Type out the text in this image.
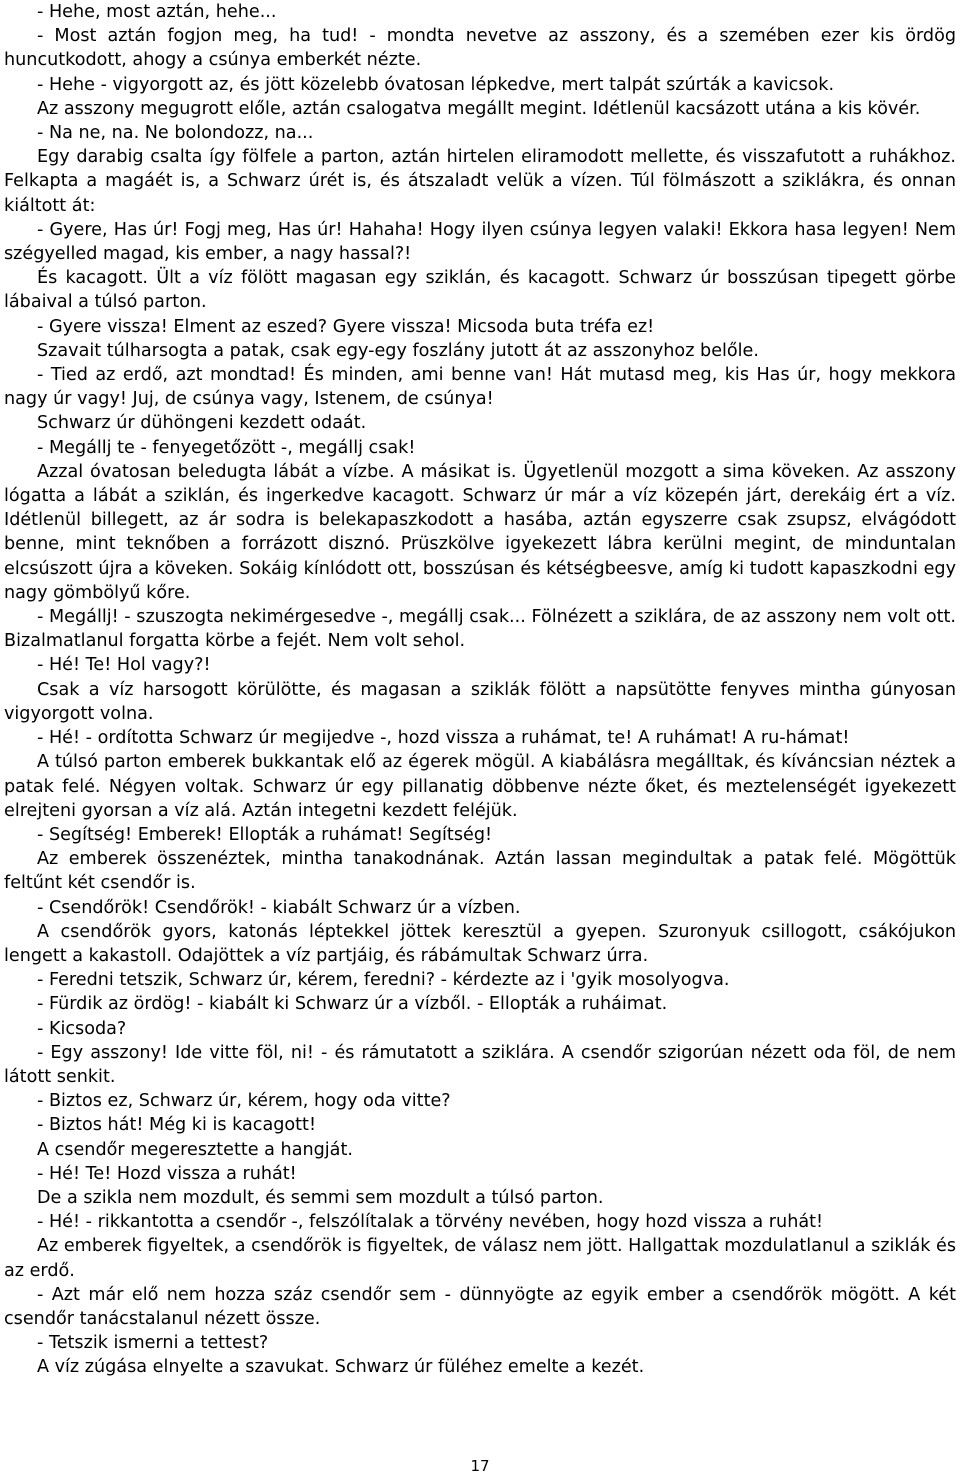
- Hehe, most aztán, hehe...

- Most aztán fogjon meg, ha tud! - mondta nevetve az asszony, és a szemében ezer kis ördög huncutkodott, ahogy a csúnya emberkét nézte.

- Hehe - vigyorgott az, és jött közelebb óvatosan lépkedve, mert talpát szúrták a kavicsok.

Az asszony megugrott előle, aztán csalogatva megállt megint. Idétlenül kacsázott utána a kis kövér.

- Na ne, na. Ne bolondozz, na...

Egy darabig csalta így fölfele a parton, aztán hirtelen eliramodott mellette, és visszafutott a ruhákhoz. Felkapta a magáét is, a Schwarz úrét is, és átszaladt velük a vízen. Túl fölmászott a sziklákra, és onnan kiáltott át:

- Gyere, Has úr! Fogj meg, Has úr! Hahaha! Hogy ilyen csúnya legyen valaki! Ekkora hasa legyen! Nem szégyelled magad, kis ember, a nagy hassal?!

És kacagott. Ült a víz fölött magasan egy sziklán, és kacagott. Schwarz úr bosszúsan tipegett görbe lábaival a túlsó parton.

- Gyere vissza! Elment az eszed? Gyere vissza! Micsoda buta tréfa ez!

Szavait túlharsogta a patak, csak egy-egy foszlány jutott át az asszonyhoz belőle.

- Tied az erdő, azt mondtad! És minden, ami benne van! Hát mutasd meg, kis Has úr, hogy mekkora nagy úr vagy! Juj, de csúnya vagy, Istenem, de csúnya!

Schwarz úr dühöngeni kezdett odaát.

- Megállj te - fenyegetőzött -, megállj csak!

Azzal óvatosan beledugta lábát a vízbe. A másikat is. Ügyetlenül mozgott a sima köveken. Az asszony lógatta a lábát a sziklán, és ingerkedve kacagott. Schwarz úr már a víz közepén járt, derekáig ért a víz. Idétlenül billegett, az ár sodra is belekapaszkodott a hasába, aztán egyszerre csak zsupsz, elvágódott benne, mint teknőben a forrázott disznó. Prüszkölve igyekezett lábra kerülni megint, de minduntalan elcsúszott újra a köveken. Sokáig kínlódott ott, bosszúsan és kétségbeesve, amíg ki tudott kapaszkodni egy nagy gömbölyű kőre.

- Megállj! - szuszogta nekimérgesedve -, megállj csak... Fölnézett a sziklára, de az asszony nem volt ott. Bizalmatlanul forgatta körbe a fejét. Nem volt sehol.

- Hé! Te! Hol vagy?!

Csak a víz harsogott körülötte, és magasan a sziklák fölött a napsütötte fenyves mintha gúnyosan vigyorgott volna.

- Hé! - ordította Schwarz úr megijedve -, hozd vissza a ruhámat, te! A ruhámat! A ru-hámat!

A túlsó parton emberek bukkantak elő az égerek mögül. A kiabálásra megálltak, és kíváncsian néztek a patak felé. Négyen voltak. Schwarz úr egy pillanatig döbbenve nézte őket, és meztelenségét igyekezett elrejteni gyorsan a víz alá. Aztán integetni kezdett feléjük.

- Segítség! Emberek! Ellopták a ruhámat! Segítség!

Az emberek összenéztek, mintha tanakodnának. Aztán lassan megindultak a patak felé. Mögöttük feltűnt két csendőr is.

- Csendőrök! Csendőrök! - kiabált Schwarz úr a vízben.

A csendőrök gyors, katonás léptekkel jöttek keresztül a gyepen. Szuronyuk csillogott, csákójukon lengett a kakastoll. Odajöttek a víz partjáig, és rábámultak Schwarz úrra.

- Feredni tetszik, Schwarz úr, kérem, feredni? - kérdezte az i 'gyik mosolyogva.

- Fürdik az ördög! - kiabált ki Schwarz úr a vízből. - Ellopták a ruháimat.

- Kicsoda?

- Egy asszony! Ide vitte föl, ni! - és rámutatott a sziklára. A csendőr szigorúan nézett oda föl, de nem látott senkit.

- Biztos ez, Schwarz úr, kérem, hogy oda vitte?

- Biztos hát! Még ki is kacagott!

A csendőr megeresztette a hangját.

- Hé! Te! Hozd vissza a ruhát!

De a szikla nem mozdult, és semmi sem mozdult a túlsó parton.

- Hé! - rikkantotta a csendőr -, felszólítalak a törvény nevében, hogy hozd vissza a ruhát!

Az emberek figyeltek, a csendőrök is figyeltek, de válasz nem jött. Hallgattak mozdulatlanul a sziklák és az erdő.

- Azt már elő nem hozza száz csendőr sem - dünnyögte az egyik ember a csendőrök mögött. A két csendőr tanácstalanul nézett össze.

- Tetszik ismerni a tettest?

A víz zúgása elnyelte a szavukat. Schwarz úr füléhez emelte a kezét.

17
